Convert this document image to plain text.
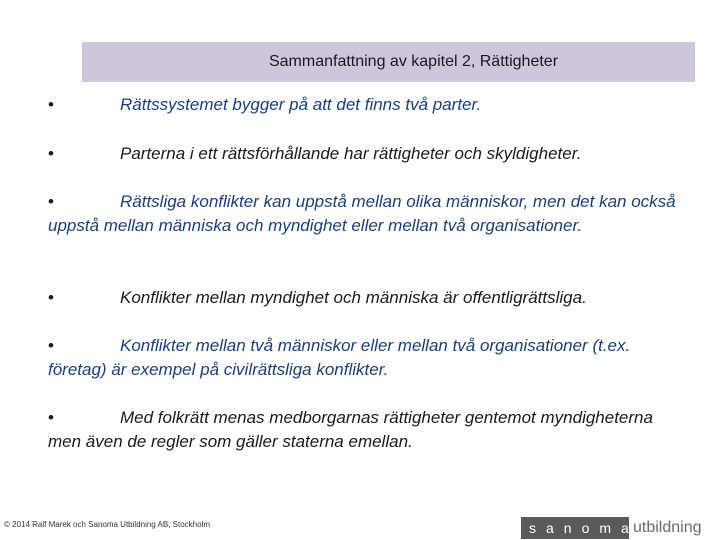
Sammanfattning av kapitel 2, Rättigheter
•	Rättssystemet bygger på att det finns två parter.
•	Parterna i ett rättsförhållande har rättigheter och skyldigheter.
•	Rättsliga konflikter kan uppstå mellan olika människor, men det kan också uppstå mellan människa och myndighet eller mellan två organisationer.
•	Konflikter mellan myndighet och människa är offentligrättsliga.
•	Konflikter mellan två människor eller mellan två organisationer (t.ex. företag) är exempel på civilrättsliga konflikter.
•	Med folkrätt menas medborgarnas rättigheter gentemot myndigheterna men även de regler som gäller staterna emellan.
© 2014 Ralf Marek och Sanoma Utbildning AB, Stockholm	sanoma
utbildning
